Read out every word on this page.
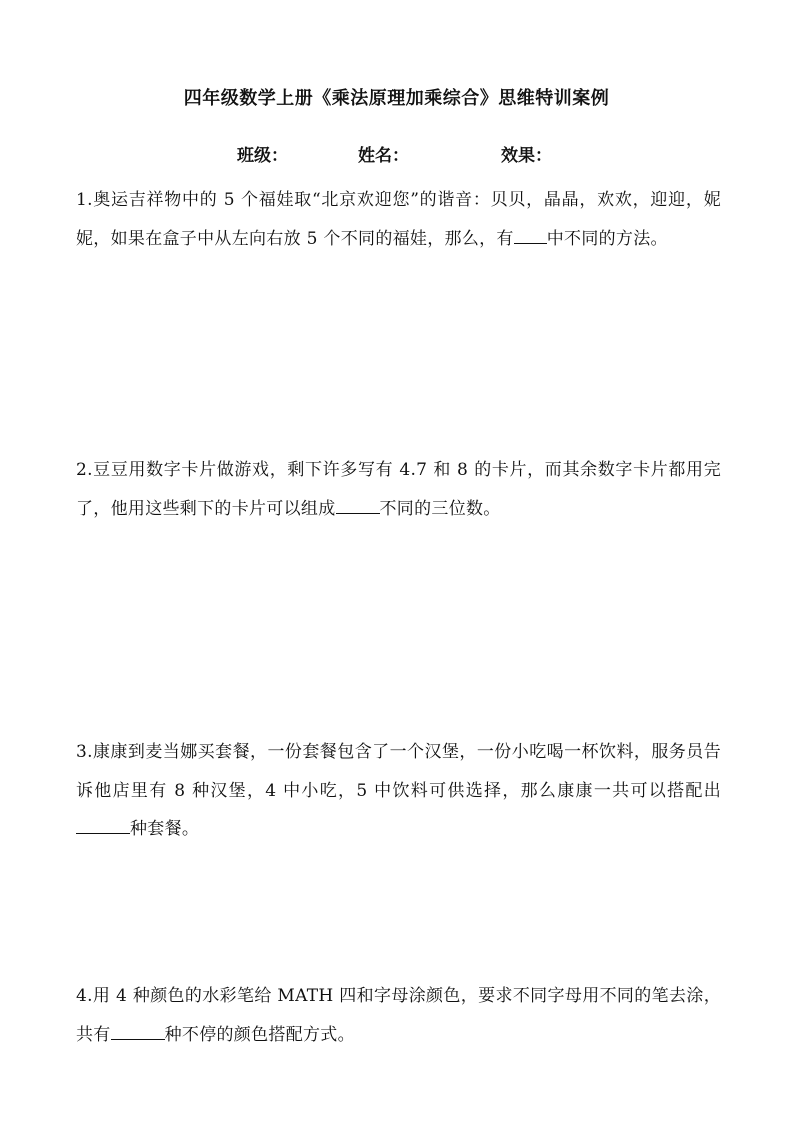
四年级数学上册《乘法原理加乘综合》思维特训案例
班级：	姓名：	效果：

1.奥运吉祥物中的 5 个福娃取“北京欢迎您”的谐音：贝贝，晶晶，欢欢，迎迎，妮妮，如果在盒子中从左向右放 5 个不同的福娃，那么，有 中不同的方法。

2.豆豆用数字卡片做游戏，剩下许多写有 4.7 和 8 的卡片，而其余数字卡片都用完了，他用这些剩下的卡片可以组成	不同的三位数。

3.康康到麦当娜买套餐，一份套餐包含了一个汉堡，一份小吃喝一杯饮料，服务员告诉他店里有 8 种汉堡，4 中小吃，5 中饮料可供选择，那么康康一共可以搭配出种套餐。

4.用 4 种颜色的水彩笔给 MATH 四和字母涂颜色，要求不同字母用不同的笔去涂，共有	种不停的颜色搭配方式。
